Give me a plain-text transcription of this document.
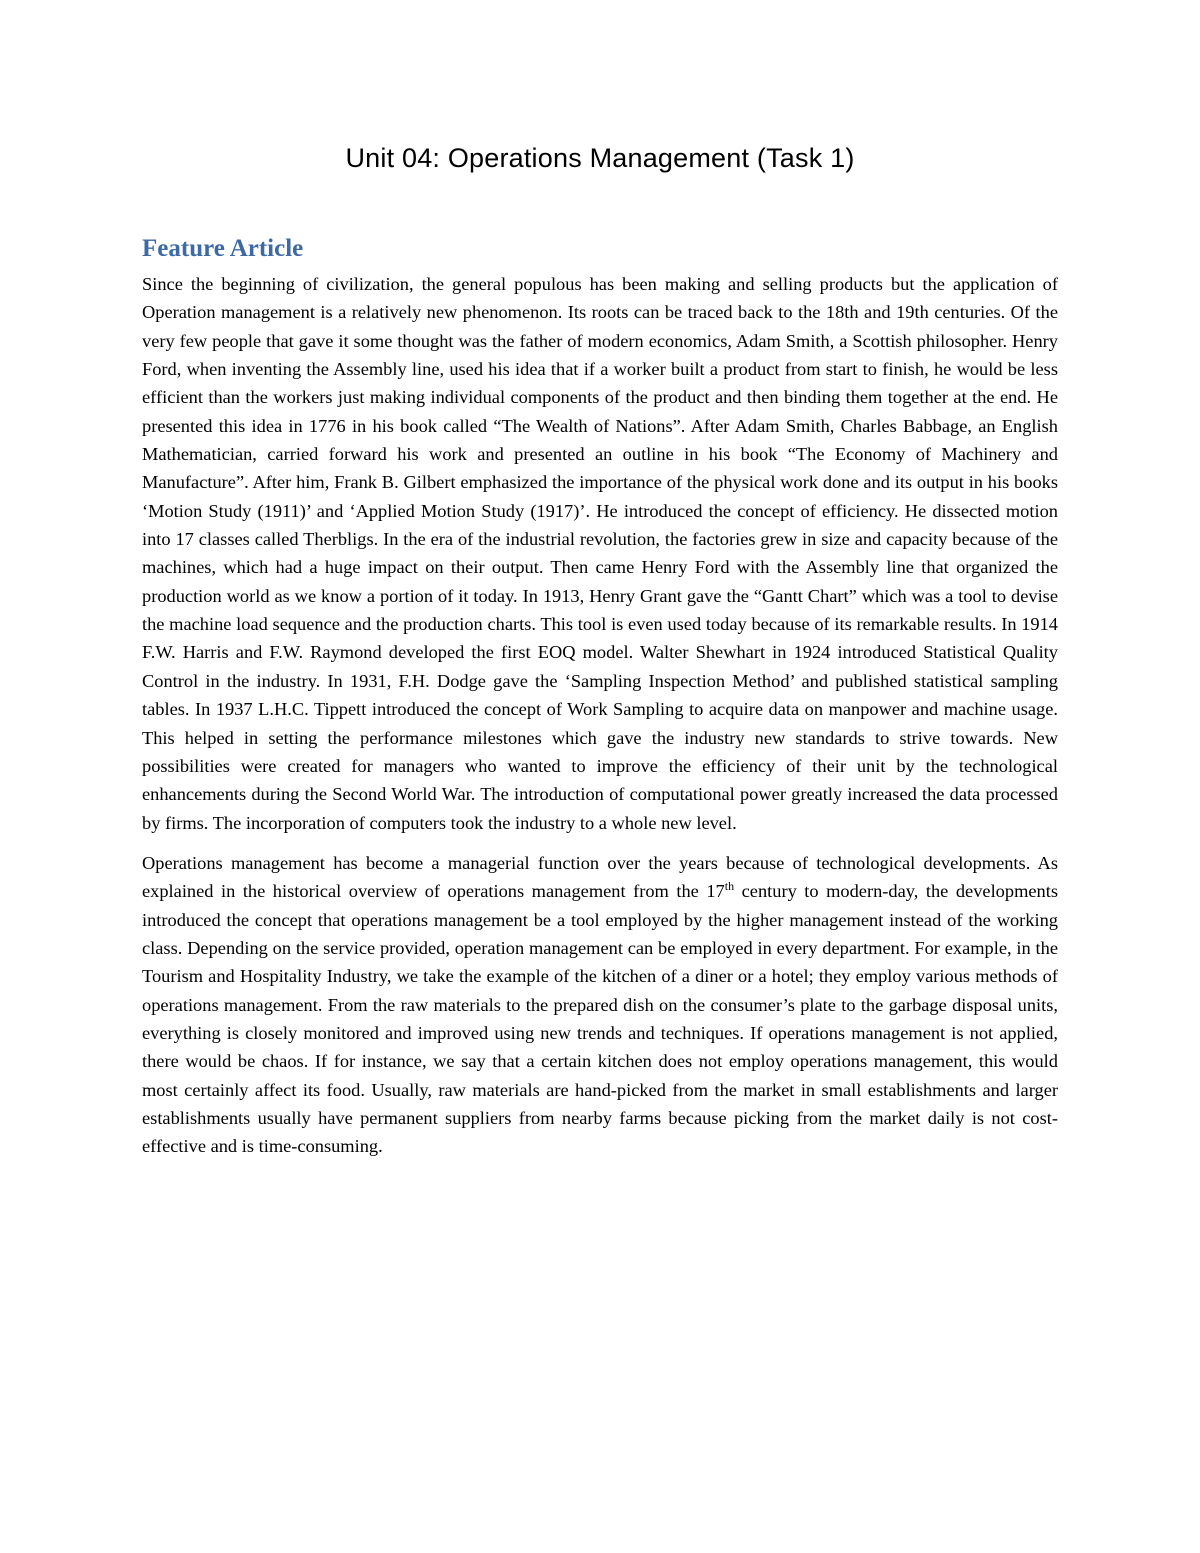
Unit 04: Operations Management (Task 1)
Feature Article

Since the beginning of civilization, the general populous has been making and selling products but the application of Operation management is a relatively new phenomenon. Its roots can be traced back to the 18th and 19th centuries. Of the very few people that gave it some thought was the father of modern economics, Adam Smith, a Scottish philosopher. Henry Ford, when inventing the Assembly line, used his idea that if a worker built a product from start to finish, he would be less efficient than the workers just making individual components of the product and then binding them together at the end. He presented this idea in 1776 in his book called “The Wealth of Nations”. After Adam Smith, Charles Babbage, an English Mathematician, carried forward his work and presented an outline in his book “The Economy of Machinery and Manufacture”. After him, Frank B. Gilbert emphasized the importance of the physical work done and its output in his books ‘Motion Study (1911)’ and ‘Applied Motion Study (1917)’. He introduced the concept of efficiency. He dissected motion into 17 classes called Therbligs. In the era of the industrial revolution, the factories grew in size and capacity because of the machines, which had a huge impact on their output. Then came Henry Ford with the Assembly line that organized the production world as we know a portion of it today. In 1913, Henry Grant gave the “Gantt Chart” which was a tool to devise the machine load sequence and the production charts. This tool is even used today because of its remarkable results. In 1914 F.W. Harris and F.W. Raymond developed the first EOQ model. Walter Shewhart in 1924 introduced Statistical Quality Control in the industry. In 1931, F.H. Dodge gave the ‘Sampling Inspection Method’ and published statistical sampling tables. In 1937 L.H.C. Tippett introduced the concept of Work Sampling to acquire data on manpower and machine usage. This helped in setting the performance milestones which gave the industry new standards to strive towards. New possibilities were created for managers who wanted to improve the efficiency of their unit by the technological enhancements during the Second World War. The introduction of computational power greatly increased the data processed by firms. The incorporation of computers took the industry to a whole new level.

Operations management has become a managerial function over the years because of technological developments. As explained in the historical overview of operations management from the 17th century to modern-day, the developments introduced the concept that operations management be a tool employed by the higher management instead of the working class. Depending on the service provided, operation management can be employed in every department. For example, in the Tourism and Hospitality Industry, we take the example of the kitchen of a diner or a hotel; they employ various methods of operations management. From the raw materials to the prepared dish on the consumer’s plate to the garbage disposal units, everything is closely monitored and improved using new trends and techniques. If operations management is not applied, there would be chaos. If for instance, we say that a certain kitchen does not employ operations management, this would most certainly affect its food. Usually, raw materials are hand-picked from the market in small establishments and larger establishments usually have permanent suppliers from nearby farms because picking from the market daily is not cost-effective and is time-consuming.
